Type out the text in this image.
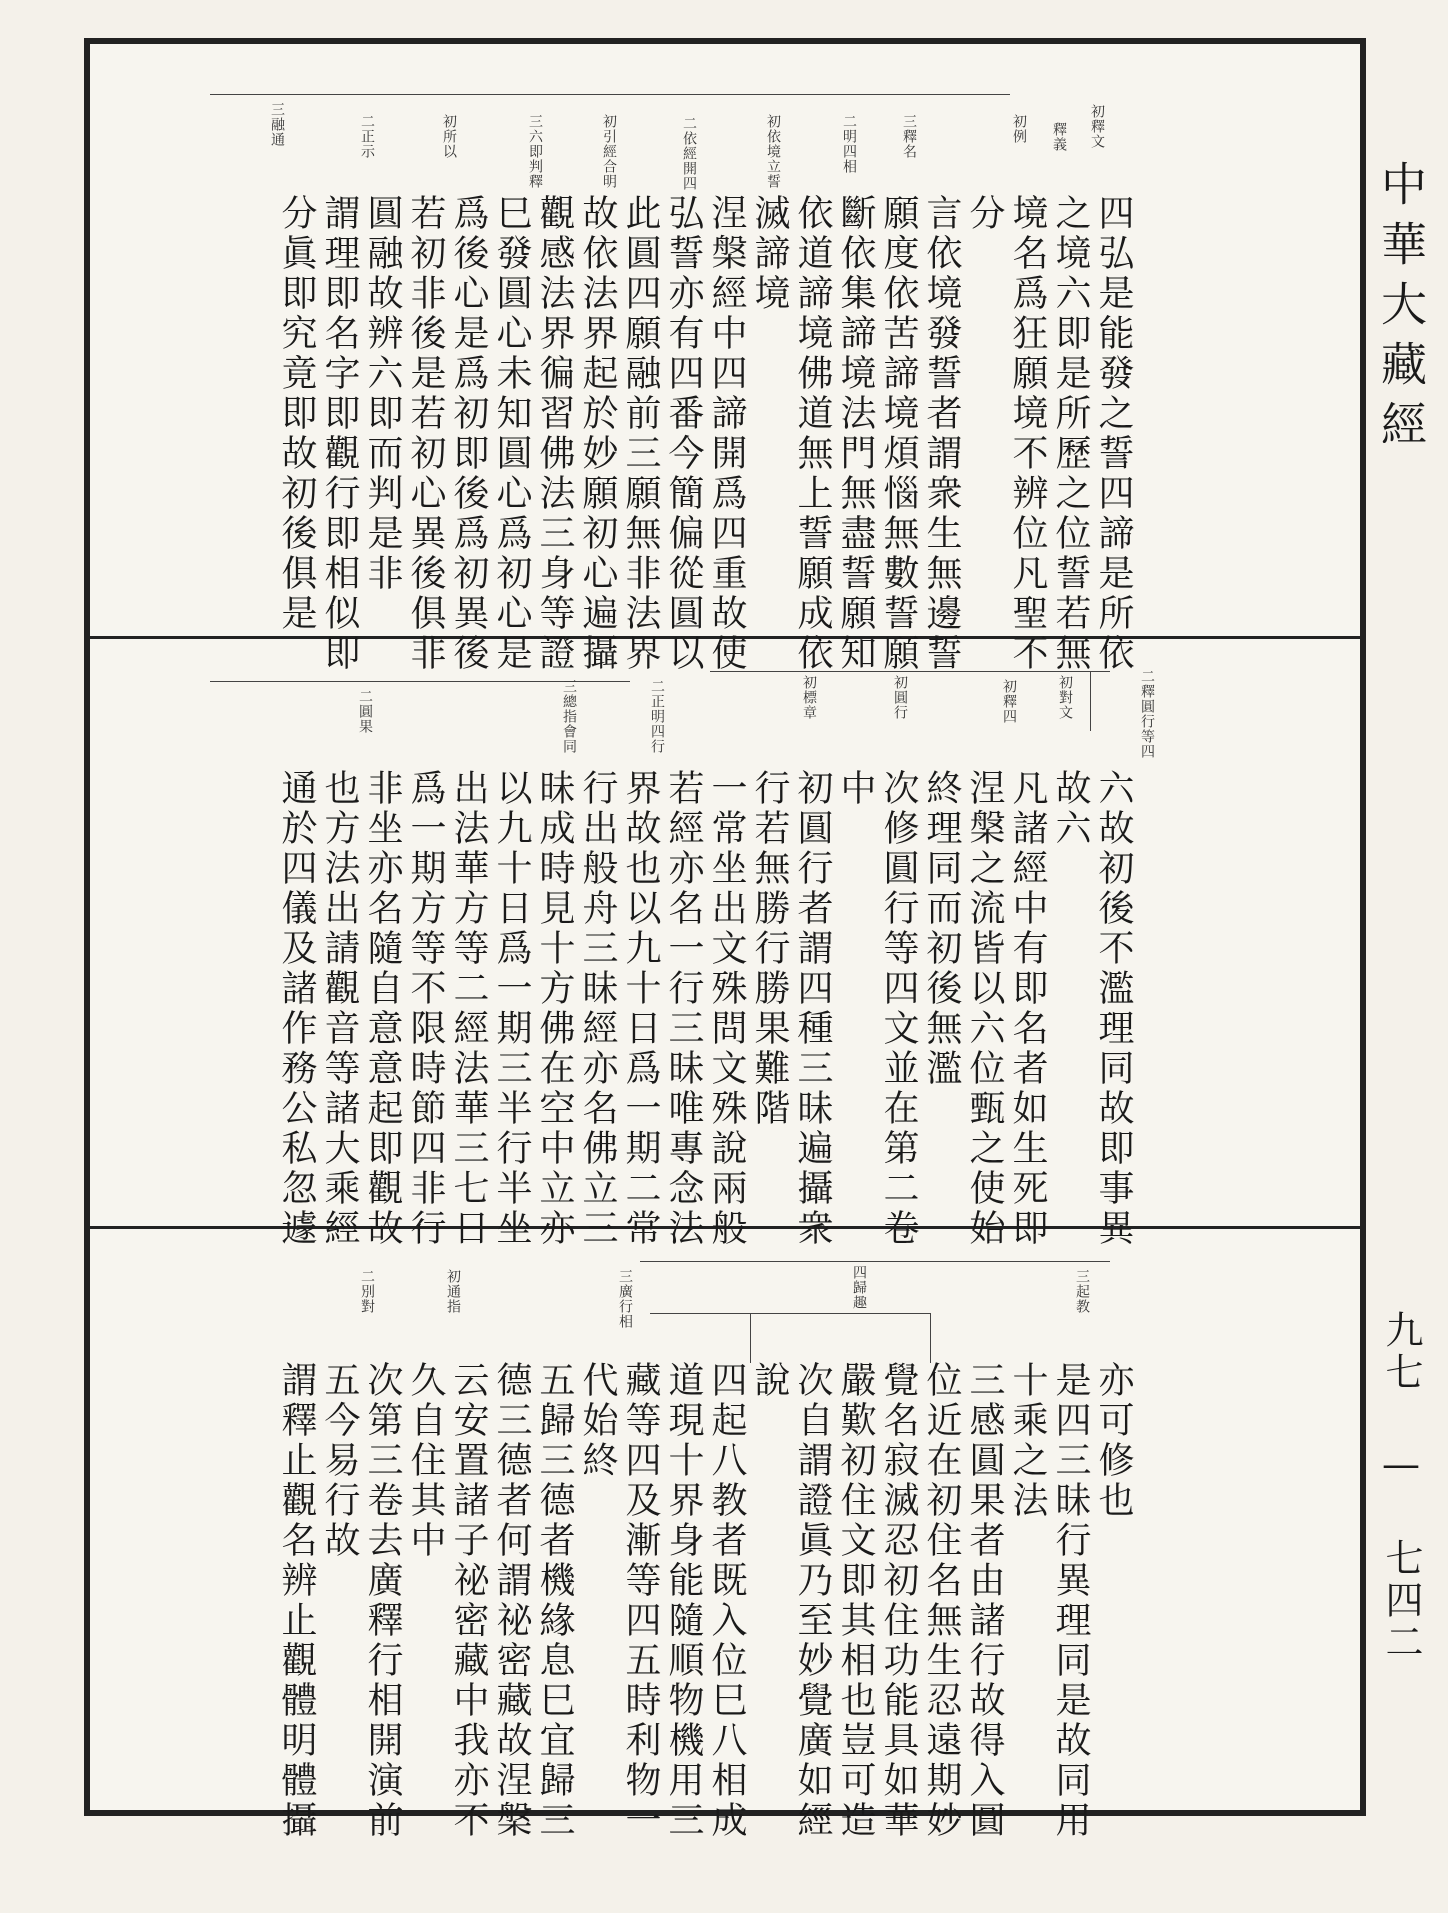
初釋文
釋義
初例
三釋名
二明四相
初依境立誓
二依經開四
初引經合明
三六即判釋
初所以
二正示
三融通
四弘是能發之誓四諦是所依
之境六即是所歷之位誓若無
境名爲狂願境不辨位凡聖不
分
言依境發誓者謂衆生無邊誓
願度依苦諦境煩惱無數誓願
斷依集諦境法門無盡誓願知
依道諦境佛道無上誓願成依
滅諦境
涅槃經中四諦開爲四重故使
弘誓亦有四番今簡偏從圓以
此圓四願融前三願無非法界
故依法界起於妙願初心遍攝
觀感法界徧習佛法三身等證
巳發圓心未知圓心爲初心是
爲後心是爲初即後爲初異後
若初非後是若初心異後俱非
圓融故辨六即而判是非
謂理即名字即觀行即相似即
分眞即究竟即故初後俱是
二釋圓行等四
初對文
初釋四
初圓行
初標章
二正明四行
三總指會同
二圓果
六故初後不濫理同故即事異
故六
凡諸經中有即名者如生死即
涅槃之流皆以六位甄之使始
終理同而初後無濫
次修圓行等四文並在第二卷
中
初圓行者謂四種三昧遍攝衆
行若無勝行勝果難階
一常坐出文殊問文殊說兩般
若經亦名一行三昧唯專念法
界故也以九十日爲一期二常
行出般舟三昧經亦名佛立三
昧成時見十方佛在空中立亦
以九十日爲一期三半行半坐
出法華方等二經法華三七日
爲一期方等不限時節四非行
非坐亦名隨自意意起即觀故
也方法出請觀音等諸大乘經
通於四儀及諸作務公私忽遽
三起教
四歸趣
三廣行相
初通指
二別對
亦可修也
是四三昧行異理同是故同用
十乘之法
三感圓果者由諸行故得入圓
位近在初住名無生忍遠期妙
覺名寂滅忍初住功能具如華
嚴歎初住文即其相也豈可造
次自謂證眞乃至妙覺廣如經
說
四起八教者既入位巳八相成
道現十界身能隨順物機用三
藏等四及漸等四五時利物一
代始終
五歸三德者機緣息巳宜歸三
德三德者何謂祕密藏故涅槃
云安置諸子祕密藏中我亦不
久自住其中
次第三卷去廣釋行相開演前
五今易行故
謂釋止觀名辨止觀體明體攝
中華大藏經
九七 — 七四二
